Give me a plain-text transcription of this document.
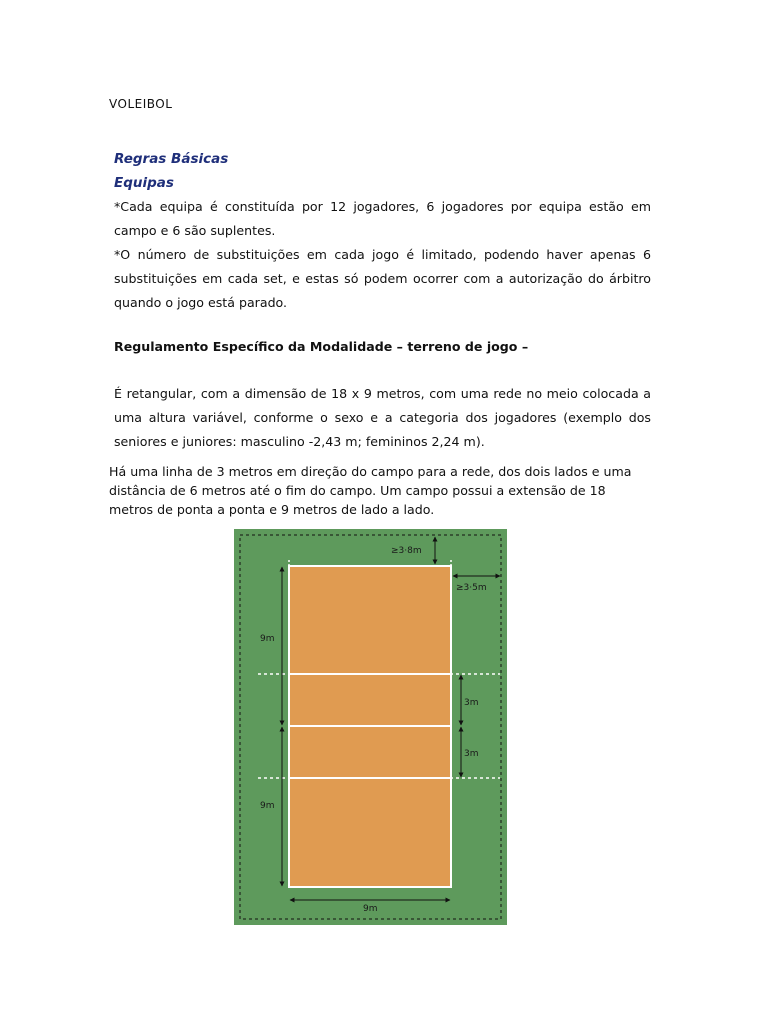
VOLEIBOL
Regras Básicas
Equipas

*Cada equipa é constituída por 12 jogadores, 6 jogadores por equipa estão em campo e 6 são suplentes.

*O número de substituições em cada jogo é limitado, podendo haver apenas 6 substituições em cada set, e estas só podem ocorrer com a autorização do árbitro quando o jogo está parado.

Regulamento Específico da Modalidade – terreno de jogo –

É retangular, com a dimensão de 18 x 9 metros, com uma rede no meio colocada a uma altura variável, conforme o sexo e a categoria dos jogadores (exemplo dos seniores e juniores: masculino -2,43 m; femininos 2,24 m).

Há uma linha de 3 metros em direção do campo para a rede, dos dois lados e uma distância de 6 metros até o fim do campo. Um campo possui a extensão de 18 metros de ponta a ponta e 9 metros de lado a lado.
≥3·8m
≥3·5m
9m
9m
3m
3m
9m
